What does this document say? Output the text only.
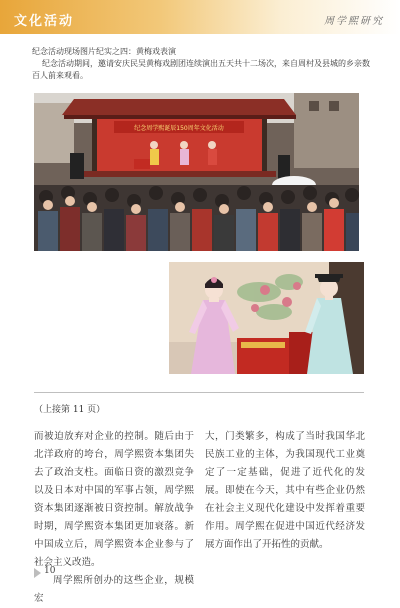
文化活动	周学熙研究

纪念活动现场图片纪实之四：黄梅戏表演

纪念活动期间，邀请安庆民吴黄梅戏剧团连续演出五天共十二场次，来自周村及县城的乡亲数百人前来观看。

纪念周学熙诞辰150周年文化活动
（上接第 11 页）

而被迫放弃对企业的控制。随后由于北洋政府的垮台，周学熙资本集团失去了政治支柱。面临日资的激烈竞争以及日本对中国的军事占领，周学熙资本集团逐渐被日资控制。解放战争时期，周学熙资本集团更加衰落。新中国成立后，周学熙资本企业参与了社会主义改造。

周学熙所创办的这些企业，规模宏

大，门类繁多，构成了当时我国华北民族工业的主体，为我国现代工业奠定了一定基础，促进了近代化的发展。即使在今天，其中有些企业仍然在社会主义现代化建设中发挥着重要作用。周学熙在促进中国近代经济发展方面作出了开拓性的贡献。

10
